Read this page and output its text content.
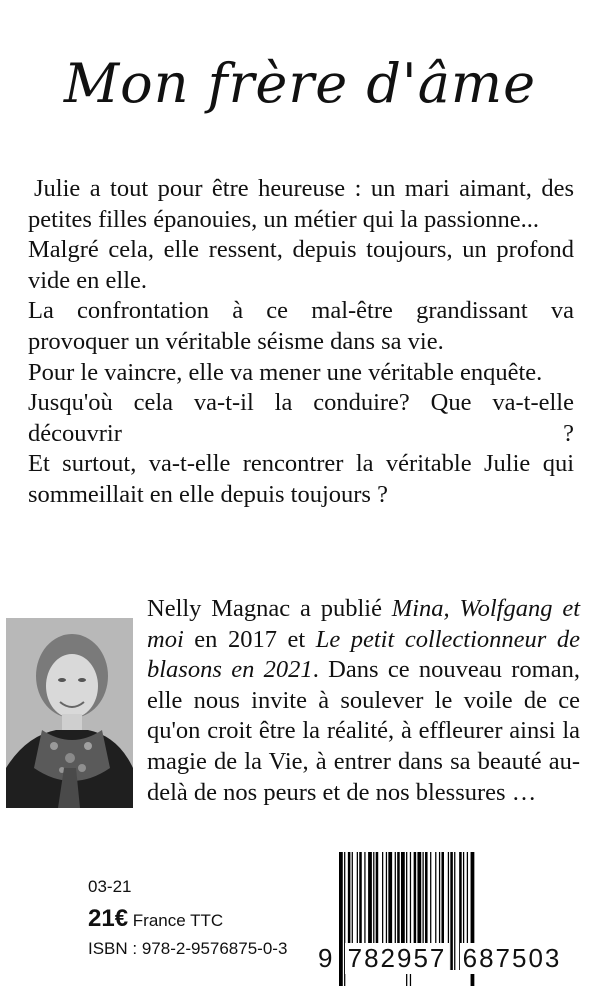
Mon frère d'âme

Julie a tout pour être heureuse : un mari aimant, des petites filles épanouies, un métier qui la passionne...

Malgré cela, elle ressent, depuis toujours, un profond vide en elle.

La confrontation à ce mal-être grandissant va provoquer un véritable séisme dans sa vie.

Pour le vaincre, elle va mener une véritable enquête.

Jusqu'où cela va-t-il la conduire? Que va-t-elle découvrir ?

Et surtout, va-t-elle rencontrer la véritable Julie qui sommeillait en elle depuis toujours ?

Nelly Magnac a publié Mina, Wolfgang et moi en 2017 et Le petit collectionneur de blasons en 2021. Dans ce nouveau roman, elle nous invite à soulever le voile de ce qu'on croit être la réalité, à effleurer ainsi la magie de la Vie, à entrer dans sa beauté au-delà de nos peurs et de nos blessures …
03-21
21€ France TTC
ISBN : 978-2-9576875-0-3 9 782957 687503
